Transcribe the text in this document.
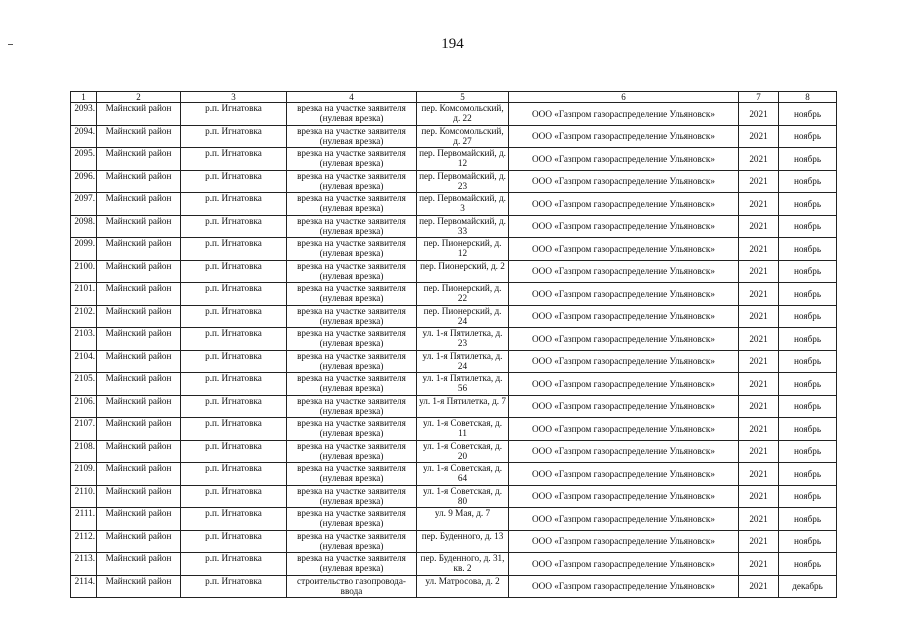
194
1	2	3	4	5	6	7	8
2093.	Майнский район	р.п. Игнатовка	врезка на участке заявителя (нулевая врезка)	пер. Комсомольский, д. 22	ООО «Газпром газораспределение Ульяновск»	2021	ноябрь
2094.	Майнский район	р.п. Игнатовка	врезка на участке заявителя (нулевая врезка)	пер. Комсомольский, д. 27	ООО «Газпром газораспределение Ульяновск»	2021	ноябрь
2095.	Майнский район	р.п. Игнатовка	врезка на участке заявителя (нулевая врезка)	пер. Первомайский, д. 12	ООО «Газпром газораспределение Ульяновск»	2021	ноябрь
2096.	Майнский район	р.п. Игнатовка	врезка на участке заявителя (нулевая врезка)	пер. Первомайский, д. 23	ООО «Газпром газораспределение Ульяновск»	2021	ноябрь
2097.	Майнский район	р.п. Игнатовка	врезка на участке заявителя (нулевая врезка)	пер. Первомайский, д. 3	ООО «Газпром газораспределение Ульяновск»	2021	ноябрь
2098.	Майнский район	р.п. Игнатовка	врезка на участке заявителя (нулевая врезка)	пер. Первомайский, д. 33	ООО «Газпром газораспределение Ульяновск»	2021	ноябрь
2099.	Майнский район	р.п. Игнатовка	врезка на участке заявителя (нулевая врезка)	пер. Пионерский, д. 12	ООО «Газпром газораспределение Ульяновск»	2021	ноябрь
2100.	Майнский район	р.п. Игнатовка	врезка на участке заявителя (нулевая врезка)	пер. Пионерский, д. 2	ООО «Газпром газораспределение Ульяновск»	2021	ноябрь
2101.	Майнский район	р.п. Игнатовка	врезка на участке заявителя (нулевая врезка)	пер. Пионерский, д. 22	ООО «Газпром газораспределение Ульяновск»	2021	ноябрь
2102.	Майнский район	р.п. Игнатовка	врезка на участке заявителя (нулевая врезка)	пер. Пионерский, д. 24	ООО «Газпром газораспределение Ульяновск»	2021	ноябрь
2103.	Майнский район	р.п. Игнатовка	врезка на участке заявителя (нулевая врезка)	ул. 1-я Пятилетка, д. 23	ООО «Газпром газораспределение Ульяновск»	2021	ноябрь
2104.	Майнский район	р.п. Игнатовка	врезка на участке заявителя (нулевая врезка)	ул. 1-я Пятилетка, д. 24	ООО «Газпром газораспределение Ульяновск»	2021	ноябрь
2105.	Майнский район	р.п. Игнатовка	врезка на участке заявителя (нулевая врезка)	ул. 1-я Пятилетка, д. 56	ООО «Газпром газораспределение Ульяновск»	2021	ноябрь
2106.	Майнский район	р.п. Игнатовка	врезка на участке заявителя (нулевая врезка)	ул. 1-я Пятилетка, д. 7	ООО «Газпром газораспределение Ульяновск»	2021	ноябрь
2107.	Майнский район	р.п. Игнатовка	врезка на участке заявителя (нулевая врезка)	ул. 1-я Советская, д. 11	ООО «Газпром газораспределение Ульяновск»	2021	ноябрь
2108.	Майнский район	р.п. Игнатовка	врезка на участке заявителя (нулевая врезка)	ул. 1-я Советская, д. 20	ООО «Газпром газораспределение Ульяновск»	2021	ноябрь
2109.	Майнский район	р.п. Игнатовка	врезка на участке заявителя (нулевая врезка)	ул. 1-я Советская, д. 64	ООО «Газпром газораспределение Ульяновск»	2021	ноябрь
2110.	Майнский район	р.п. Игнатовка	врезка на участке заявителя (нулевая врезка)	ул. 1-я Советская, д. 80	ООО «Газпром газораспределение Ульяновск»	2021	ноябрь
2111.	Майнский район	р.п. Игнатовка	врезка на участке заявителя (нулевая врезка)	ул. 9 Мая, д. 7	ООО «Газпром газораспределение Ульяновск»	2021	ноябрь
2112.	Майнский район	р.п. Игнатовка	врезка на участке заявителя (нулевая врезка)	пер. Буденного, д. 13	ООО «Газпром газораспределение Ульяновск»	2021	ноябрь
2113.	Майнский район	р.п. Игнатовка	врезка на участке заявителя (нулевая врезка)	пер. Буденного, д. 31, кв. 2	ООО «Газпром газораспределение Ульяновск»	2021	ноябрь
2114.	Майнский район	р.п. Игнатовка	строительство газопровода-ввода	ул. Матросова, д. 2	ООО «Газпром газораспределение Ульяновск»	2021	декабрь
